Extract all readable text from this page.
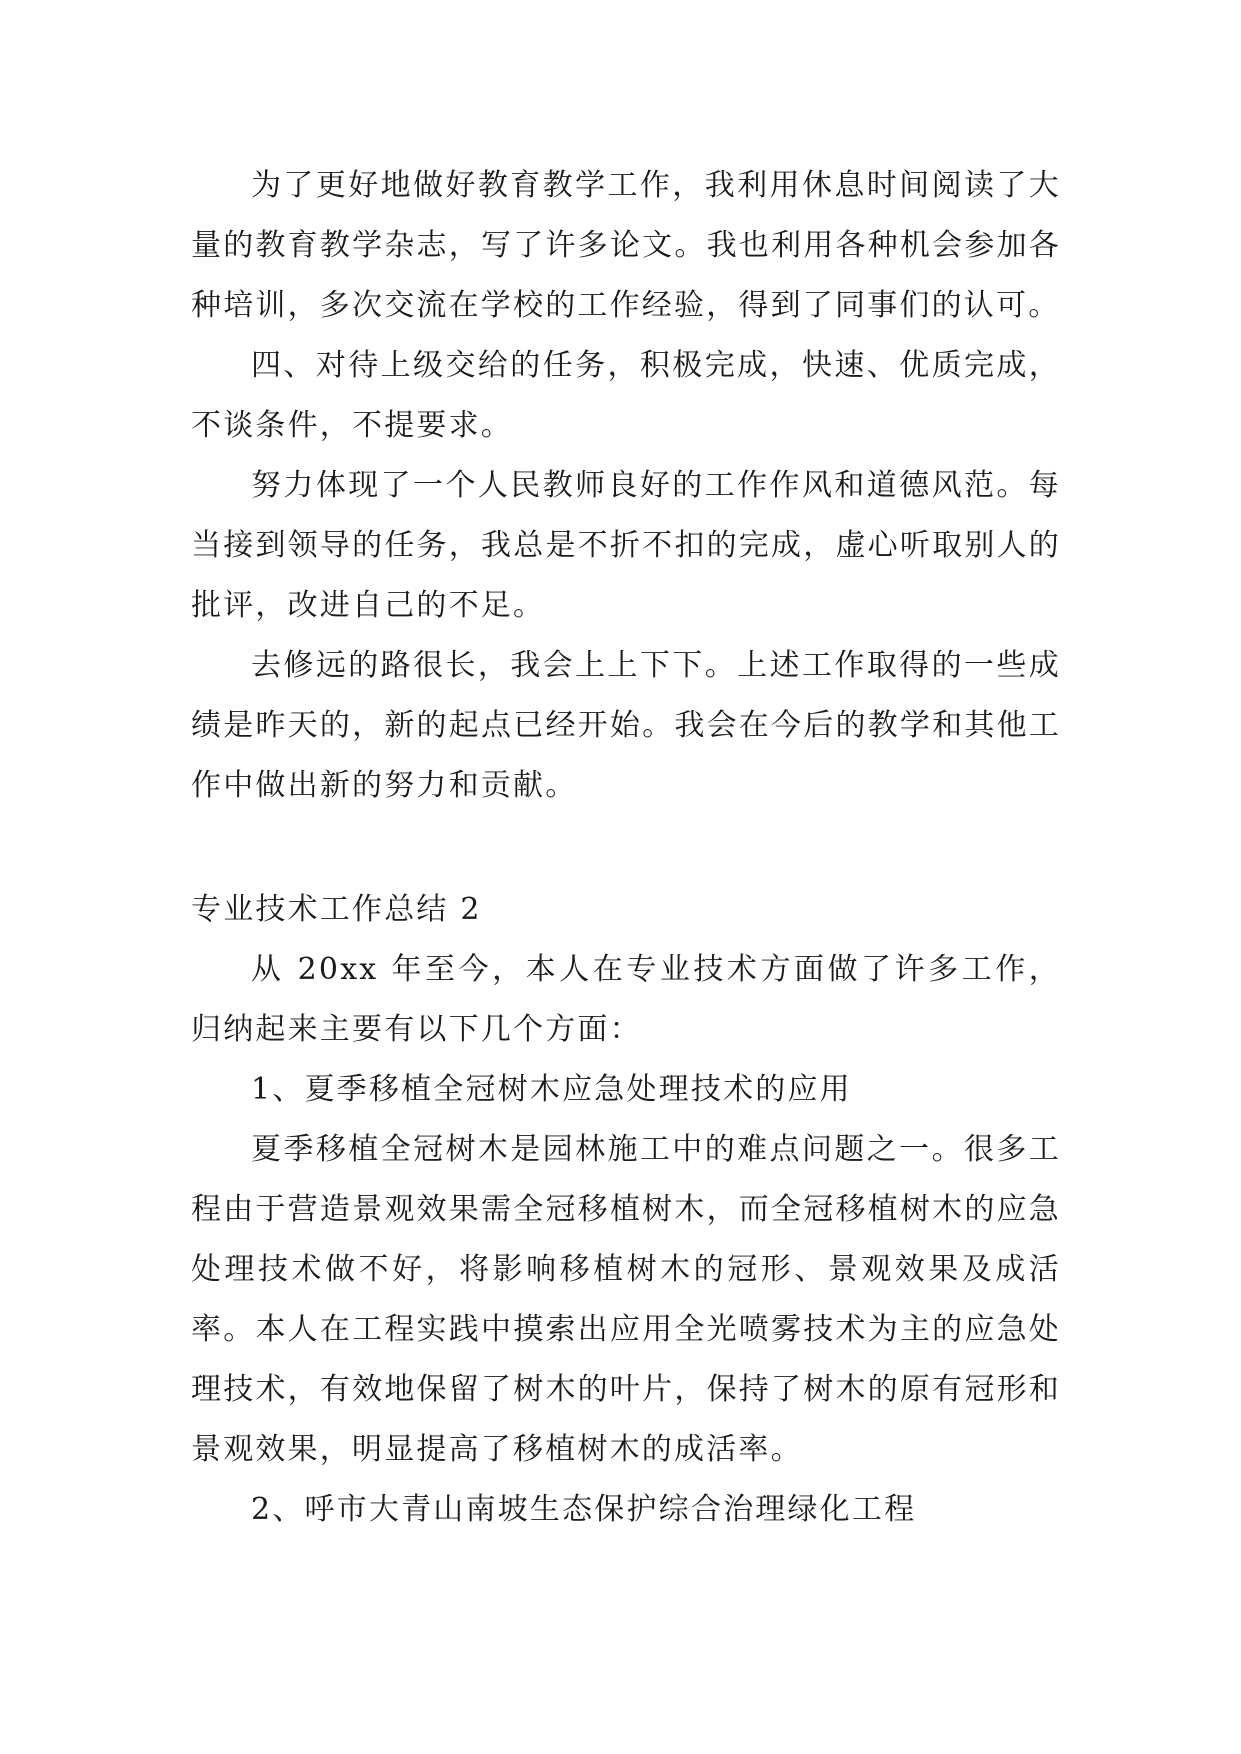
为了更好地做好教育教学工作，我利用休息时间阅读了大量的教育教学杂志，写了许多论文。我也利用各种机会参加各种培训，多次交流在学校的工作经验，得到了同事们的认可。

四、对待上级交给的任务，积极完成，快速、优质完成，不谈条件，不提要求。

努力体现了一个人民教师良好的工作作风和道德风范。每当接到领导的任务，我总是不折不扣的完成，虚心听取别人的批评，改进自己的不足。

去修远的路很长，我会上上下下。上述工作取得的一些成绩是昨天的，新的起点已经开始。我会在今后的教学和其他工作中做出新的努力和贡献。

专业技术工作总结 2

从 20xx 年至今，本人在专业技术方面做了许多工作，归纳起来主要有以下几个方面：

1、夏季移植全冠树木应急处理技术的应用

夏季移植全冠树木是园林施工中的难点问题之一。很多工程由于营造景观效果需全冠移植树木，而全冠移植树木的应急处理技术做不好，将影响移植树木的冠形、景观效果及成活率。本人在工程实践中摸索出应用全光喷雾技术为主的应急处理技术，有效地保留了树木的叶片，保持了树木的原有冠形和景观效果，明显提高了移植树木的成活率。

2、呼市大青山南坡生态保护综合治理绿化工程
